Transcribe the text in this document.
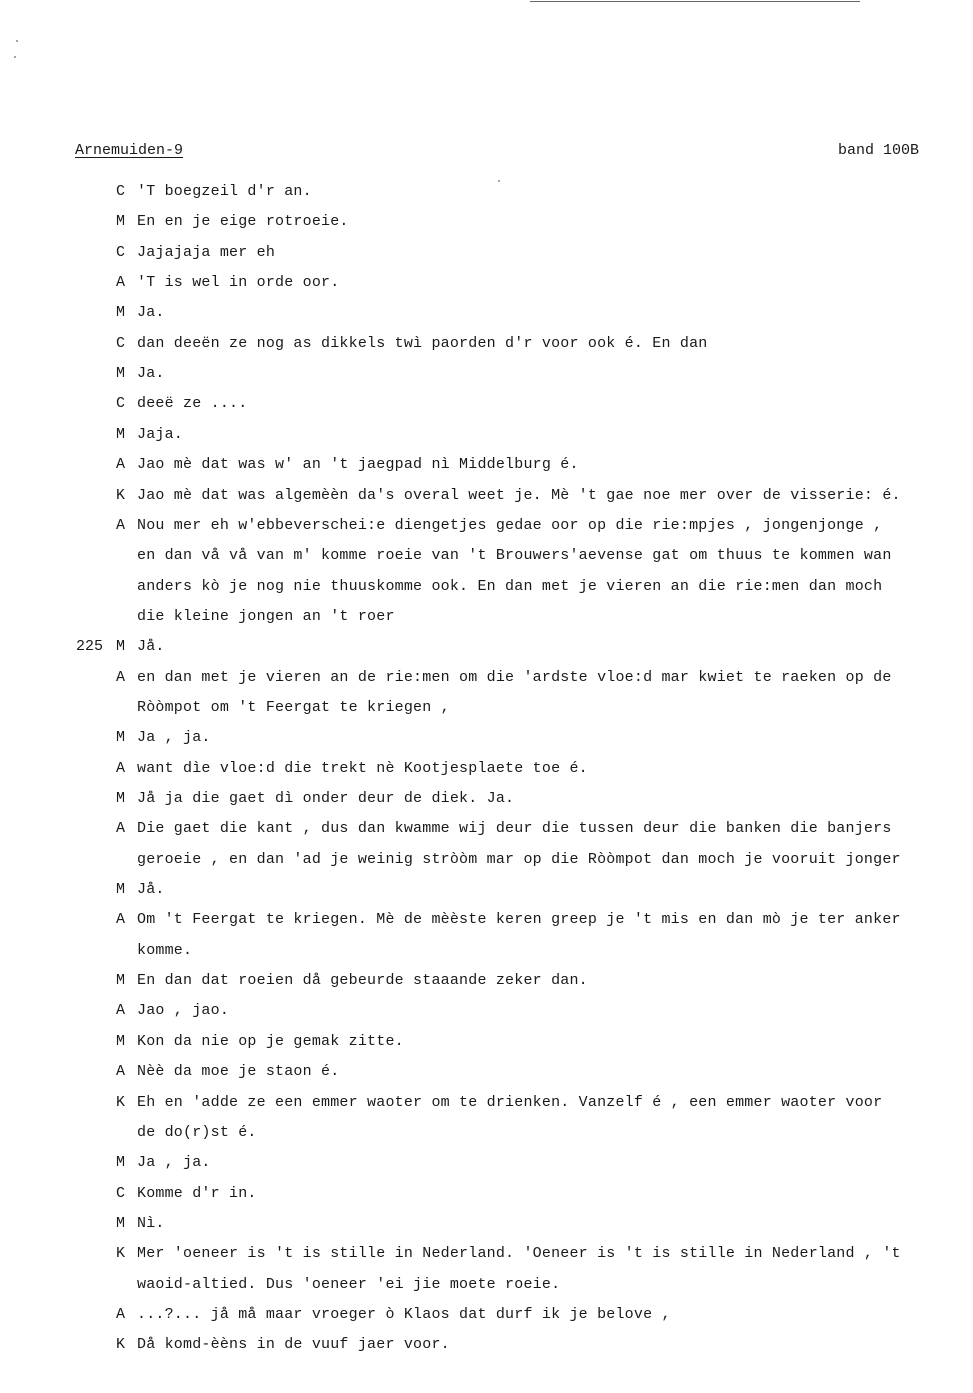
Arnemuiden-9	band 100B
C 'T boegzeil d'r an.
M En en je eige rotroeie.
C Jajajaja mer eh
A 'T is wel in orde oor.
M Ja.
C dan deeën ze nog as dikkels twì paorden d'r voor ook é. En dan
M Ja.
C deeë ze ....
M Jaja.
A Jao mè dat was w' an 't jaegpad nì Middelburg é.
K Jao mè dat was algemèèn da's overal weet je. Mè 't gae noe mer over de visserie: é.
A Nou mer eh w'ebbeverschei:e diengetjes gedae oor op die rie:mpjes , jongenjonge ,
en dan vå vå van m' komme roeie van 't Brouwers'aevense gat om thuus te kommen wan
anders kò je nog nie thuuskomme ook. En dan met je vieren an die rie:men dan moch
die kleine jongen an 't roer
225 M Jå.
A en dan met je vieren an de rie:men om die 'ardste vloe:d mar kwiet te raeken op de
Ròòmpot om 't Feergat te kriegen ,
M Ja , ja.
A want dìe vloe:d die trekt nè Kootjesplaete toe é.
M Jå ja die gaet dì onder deur de diek. Ja.
A Die gaet die kant , dus dan kwamme wij deur die tussen deur die banken die banjers
geroeie , en dan 'ad je weinig stròòm mar op die Ròòmpot dan moch je vooruit jonger
M Jå.
A Om 't Feergat te kriegen. Mè de mèèste keren greep je 't mis en dan mò je ter anker
komme.
M En dan dat roeien då gebeurde staaande zeker dan.
A Jao , jao.
M Kon da nie op je gemak zitte.
A Nèè da moe je staon é.
K Eh en 'adde ze een emmer waoter om te drienken. Vanzelf é , een emmer waoter voor
de do(r)st é.
M Ja , ja.
C Komme d'r in.
M Nì.
K Mer 'oeneer is 't is stille in Nederland. 'Oeneer is 't is stille in Nederland , 't
waoid-altied. Dus 'oeneer 'ei jie moete roeie.
A ...?... jå må maar vroeger ò Klaos dat durf ik je belove ,
K Då komd-èèns in de vuuf jaer voor.
